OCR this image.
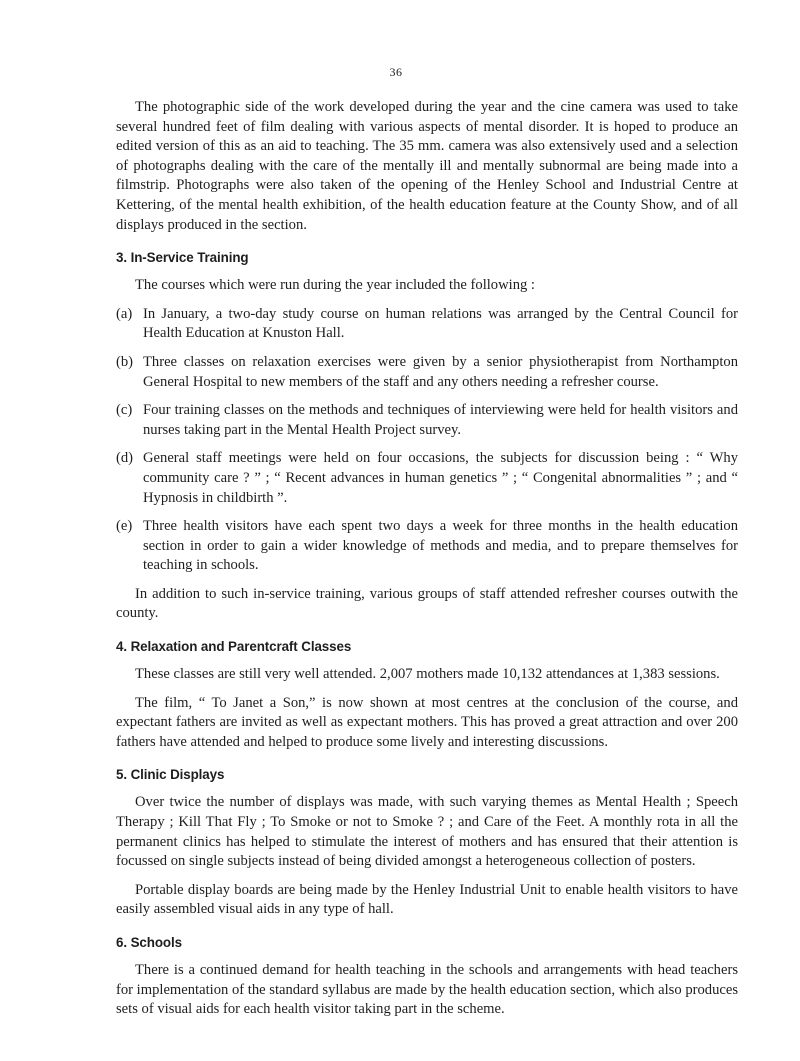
36

The photographic side of the work developed during the year and the cine camera was used to take several hundred feet of film dealing with various aspects of mental disorder. It is hoped to produce an edited version of this as an aid to teaching. The 35 mm. camera was also extensively used and a selection of photographs dealing with the care of the mentally ill and mentally subnormal are being made into a filmstrip. Photographs were also taken of the opening of the Henley School and Industrial Centre at Kettering, of the mental health exhibition, of the health education feature at the County Show, and of all displays produced in the section.

3. In-Service Training

The courses which were run during the year included the following :

(a) In January, a two-day study course on human relations was arranged by the Central Council for Health Education at Knuston Hall.
(b) Three classes on relaxation exercises were given by a senior physiotherapist from Northampton General Hospital to new members of the staff and any others needing a refresher course.
(c) Four training classes on the methods and techniques of interviewing were held for health visitors and nurses taking part in the Mental Health Project survey.
(d) General staff meetings were held on four occasions, the subjects for discussion being : “ Why community care ? ” ; “ Recent advances in human genetics ” ; “ Congenital abnormalities ” ; and “ Hypnosis in childbirth ”.
(e) Three health visitors have each spent two days a week for three months in the health education section in order to gain a wider knowledge of methods and media, and to prepare themselves for teaching in schools.

In addition to such in-service training, various groups of staff attended refresher courses outwith the county.

4. Relaxation and Parentcraft Classes

These classes are still very well attended. 2,007 mothers made 10,132 attendances at 1,383 sessions.

The film, “ To Janet a Son,” is now shown at most centres at the conclusion of the course, and expectant fathers are invited as well as expectant mothers. This has proved a great attraction and over 200 fathers have attended and helped to produce some lively and interesting discussions.

5. Clinic Displays

Over twice the number of displays was made, with such varying themes as Mental Health ; Speech Therapy ; Kill That Fly ; To Smoke or not to Smoke ? ; and Care of the Feet. A monthly rota in all the permanent clinics has helped to stimulate the interest of mothers and has ensured that their attention is focussed on single subjects instead of being divided amongst a heterogeneous collection of posters.

Portable display boards are being made by the Henley Industrial Unit to enable health visitors to have easily assembled visual aids in any type of hall.

6. Schools

There is a continued demand for health teaching in the schools and arrangements with head teachers for implementation of the standard syllabus are made by the health education section, which also produces sets of visual aids for each health visitor taking part in the scheme.
